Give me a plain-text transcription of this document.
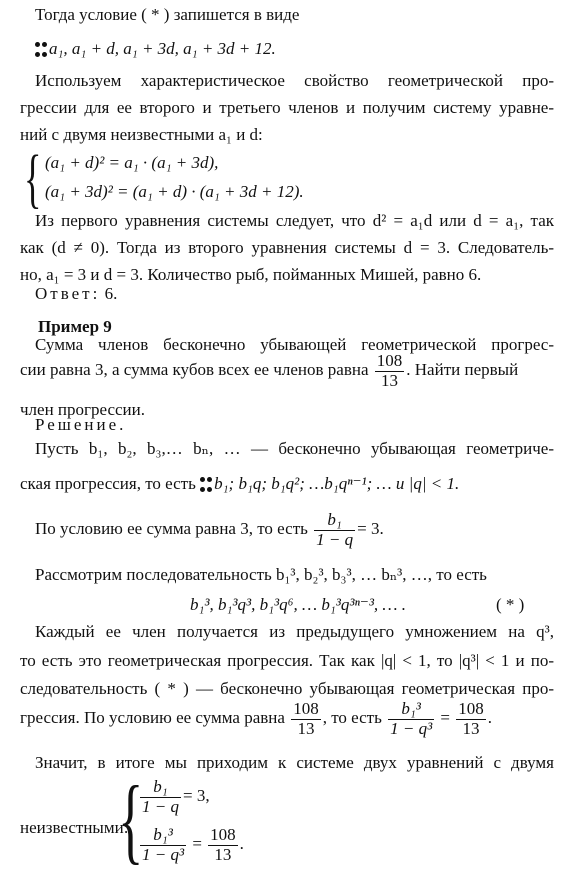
Тогда условие ( * ) запишется в виде
a₁, a₁ + d, a₁ + 3d, a₁ + 3d + 12.
Используем характеристическое свойство геометрической про-
грессии для ее второго и третьего членов и получим систему уравне-
ний с двумя неизвестными a₁ и d:
{ (a₁ + d)² = a₁ · (a₁ + 3d),
(a₁ + 3d)² = (a₁ + d) · (a₁ + 3d + 12).
Из первого уравнения системы следует, что d² = a₁d или d = a₁, так
как (d ≠ 0). Тогда из второго уравнения системы d = 3. Следователь-
но, a₁ = 3 и d = 3. Количество рыб, пойманных Мишей, равно 6.
Ответ: 6.
Пример 9
Сумма членов бесконечно убывающей геометрической прогрес-
сии равна 3, а сумма кубов всех ее членов равна $\frac{108}{13}$ . Найти первый
член прогрессии.
Решение.
Пусть b₁, b₂, b₃,… bₙ, … — бесконечно убывающая геометриче-
ская прогрессия, то есть b₁; b₁q; b₁q²; …b₁qⁿ⁻¹; … и |q| < 1.
По условию ее сумма равна 3, то есть $\frac{\text{b₁}}{1 - q} = 3$.
Рассмотрим последовательность b₁³, b₂³, b₃³, … bₙ³, …, то есть
b₁³, b₁³q³, b₁³q⁶, … b₁³q³ⁿ⁻³, … .	( * )
Каждый ее член получается из предыдущего умножением на q³,
то есть это геометрическая прогрессия. Так как |q| < 1, то |q³| < 1 и по-
следовательность ( * ) — бесконечно убывающая геометрическая про-
грессия. По условию ее сумма равна $\frac{108}{13}$ , то есть $\frac{\text{b₁³}}{\text{1 − q³}} = \frac{108}{13}$ .
Значит, в итоге мы приходим к системе двух уравнений с двумя
неизвестными:
{
$\frac{\text{b₁}}{1 - q} = 3$,
$\frac{\text{b₁³}}{\text{1 − q³}} = \frac{108}{13}$ .
